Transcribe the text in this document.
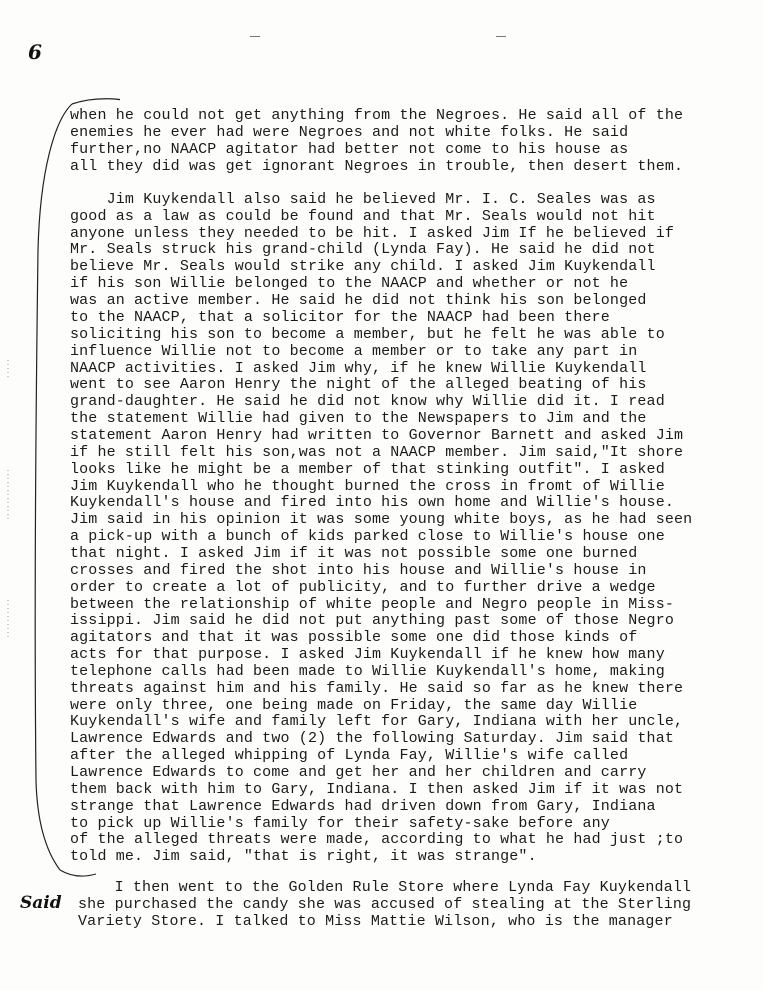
6
when he could not get anything from the Negroes. He said all of the
enemies he ever had were Negroes and not white folks. He said
further,no NAACP agitator had better not come to his house as
all they did was get ignorant Negroes in trouble, then desert them.
Jim Kuykendall also said he believed Mr. I. C. Seales was as
good as a law as could be found and that Mr. Seals would not hit
anyone unless they needed to be hit. I asked Jim If he believed if
Mr. Seals struck his grand-child (Lynda Fay). He said he did not
believe Mr. Seals would strike any child. I asked Jim Kuykendall
if his son Willie belonged to the NAACP and whether or not he
was an active member. He said he did not think his son belonged
to the NAACP, that a solicitor for the NAACP had been there
soliciting his son to become a member, but he felt he was able to
influence Willie not to become a member or to take any part in
NAACP activities. I asked Jim why, if he knew Willie Kuykendall
went to see Aaron Henry the night of the alleged beating of his
grand-daughter. He said he did not know why Willie did it. I read
the statement Willie had given to the Newspapers to Jim and the
statement Aaron Henry had written to Governor Barnett and asked Jim
if he still felt his son,was not a NAACP member. Jim said,"It shore
looks like he might be a member of that stinking outfit". I asked
Jim Kuykendall who he thought burned the cross in fromt of Willie
Kuykendall's house and fired into his own home and Willie's house.
Jim said in his opinion it was some young white boys, as he had seen
a pick-up with a bunch of kids parked close to Willie's house one
that night. I asked Jim if it was not possible some one burned
crosses and fired the shot into his house and Willie's house in
order to create a lot of publicity, and to further drive a wedge
between the relationship of white people and Negro people in Miss-
issippi. Jim said he did not put anything past some of those Negro
agitators and that it was possible some one did those kinds of
acts for that purpose. I asked Jim Kuykendall if he knew how many
telephone calls had been made to Willie Kuykendall's home, making
threats against him and his family. He said so far as he knew there
were only three, one being made on Friday, the same day Willie
Kuykendall's wife and family left for Gary, Indiana with her uncle,
Lawrence Edwards and two (2) the following Saturday. Jim said that
after the alleged whipping of Lynda Fay, Willie's wife called
Lawrence Edwards to come and get her and her children and carry
them back with him to Gary, Indiana. I then asked Jim if it was not
strange that Lawrence Edwards had driven down from Gary, Indiana
to pick up Willie's family for their safety-sake before any
of the alleged threats were made, according to what he had just ;to
told me. Jim said, "that is right, it was strange".
I then went to the Golden Rule Store where Lynda Fay Kuykendall
she purchased the candy she was accused of stealing at the Sterling
Variety Store. I talked to Miss Mattie Wilson, who is the manager
Said
